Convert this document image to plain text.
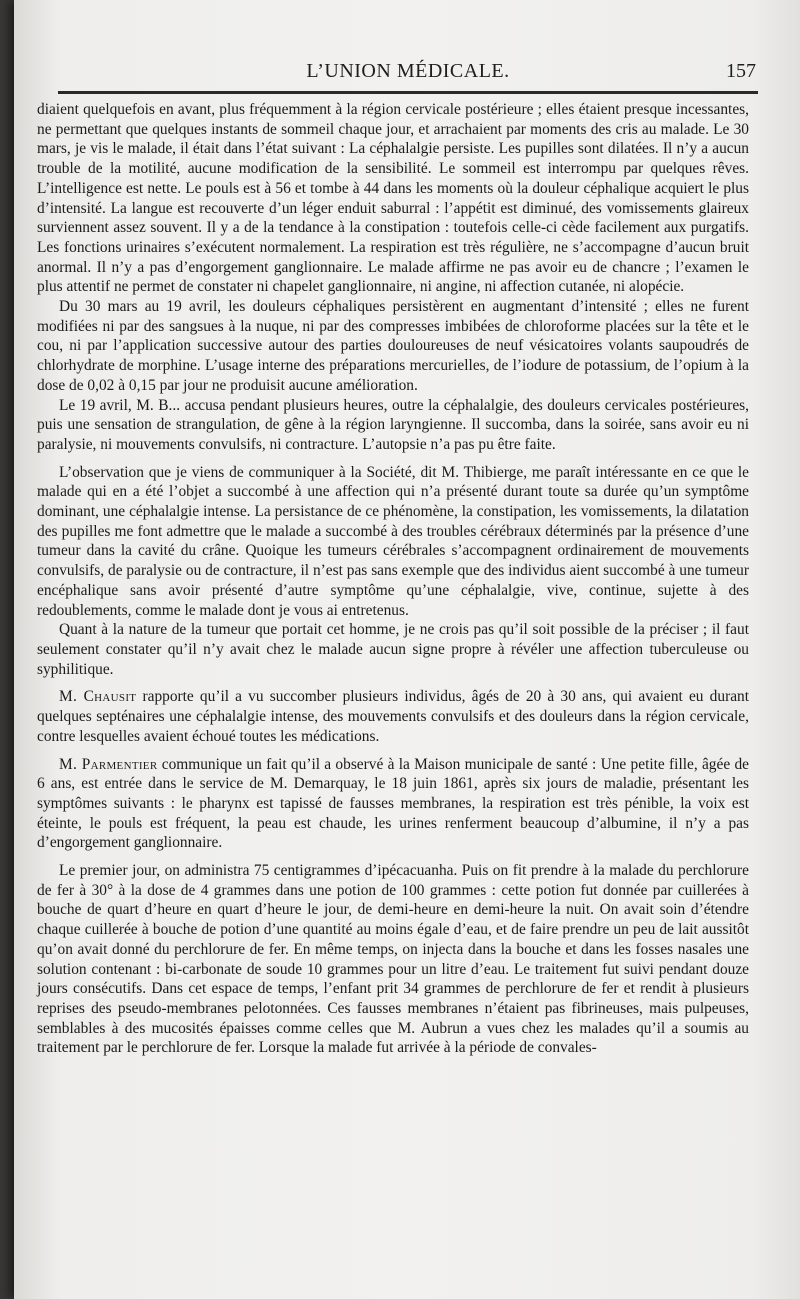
L’UNION MÉDICALE.	157

diaient quelquefois en avant, plus fréquemment à la région cervicale postérieure ; elles étaient presque incessantes, ne permettant que quelques instants de sommeil chaque jour, et arrachaient par moments des cris au malade. Le 30 mars, je vis le malade, il était dans l’état suivant : La céphalalgie persiste. Les pupilles sont dilatées. Il n’y a aucun trouble de la motilité, aucune modification de la sensibilité. Le sommeil est interrompu par quelques rêves. L’intelligence est nette. Le pouls est à 56 et tombe à 44 dans les moments où la douleur céphalique acquiert le plus d’intensité. La langue est recouverte d’un léger enduit saburral : l’appétit est diminué, des vomissements glaireux surviennent assez souvent. Il y a de la tendance à la constipation : toutefois celle-ci cède facilement aux purgatifs. Les fonctions urinaires s’exécutent normalement. La respiration est très régulière, ne s’accompagne d’aucun bruit anormal. Il n’y a pas d’engorgement ganglionnaire. Le malade affirme ne pas avoir eu de chancre ; l’examen le plus attentif ne permet de constater ni chapelet ganglionnaire, ni angine, ni affection cutanée, ni alopécie.

Du 30 mars au 19 avril, les douleurs céphaliques persistèrent en augmentant d’intensité ; elles ne furent modifiées ni par des sangsues à la nuque, ni par des compresses imbibées de chloroforme placées sur la tête et le cou, ni par l’application successive autour des parties douloureuses de neuf vésicatoires volants saupoudrés de chlorhydrate de morphine. L’usage interne des préparations mercurielles, de l’iodure de potassium, de l’opium à la dose de 0,02 à 0,15 par jour ne produisit aucune amélioration.

Le 19 avril, M. B... accusa pendant plusieurs heures, outre la céphalalgie, des douleurs cervicales postérieures, puis une sensation de strangulation, de gêne à la région laryngienne. Il succomba, dans la soirée, sans avoir eu ni paralysie, ni mouvements convulsifs, ni contracture. L’autopsie n’a pas pu être faite.

L’observation que je viens de communiquer à la Société, dit M. Thibierge, me paraît intéressante en ce que le malade qui en a été l’objet a succombé à une affection qui n’a présenté durant toute sa durée qu’un symptôme dominant, une céphalalgie intense. La persistance de ce phénomène, la constipation, les vomissements, la dilatation des pupilles me font admettre que le malade a succombé à des troubles cérébraux déterminés par la présence d’une tumeur dans la cavité du crâne. Quoique les tumeurs cérébrales s’accompagnent ordinairement de mouvements convulsifs, de paralysie ou de contracture, il n’est pas sans exemple que des individus aient succombé à une tumeur encéphalique sans avoir présenté d’autre symptôme qu’une céphalalgie, vive, continue, sujette à des redoublements, comme le malade dont je vous ai entretenus.

Quant à la nature de la tumeur que portait cet homme, je ne crois pas qu’il soit possible de la préciser ; il faut seulement constater qu’il n’y avait chez le malade aucun signe propre à révéler une affection tuberculeuse ou syphilitique.

M. Chausit rapporte qu’il a vu succomber plusieurs individus, âgés de 20 à 30 ans, qui avaient eu durant quelques septénaires une céphalalgie intense, des mouvements convulsifs et des douleurs dans la région cervicale, contre lesquelles avaient échoué toutes les médications.

M. Parmentier communique un fait qu’il a observé à la Maison municipale de santé : Une petite fille, âgée de 6 ans, est entrée dans le service de M. Demarquay, le 18 juin 1861, après six jours de maladie, présentant les symptômes suivants : le pharynx est tapissé de fausses membranes, la respiration est très pénible, la voix est éteinte, le pouls est fréquent, la peau est chaude, les urines renferment beaucoup d’albumine, il n’y a pas d’engorgement ganglionnaire.

Le premier jour, on administra 75 centigrammes d’ipécacuanha. Puis on fit prendre à la malade du perchlorure de fer à 30° à la dose de 4 grammes dans une potion de 100 grammes : cette potion fut donnée par cuillerées à bouche de quart d’heure en quart d’heure le jour, de demi-heure en demi-heure la nuit. On avait soin d’étendre chaque cuillerée à bouche de potion d’une quantité au moins égale d’eau, et de faire prendre un peu de lait aussitôt qu’on avait donné du perchlorure de fer. En même temps, on injecta dans la bouche et dans les fosses nasales une solution contenant : bi-carbonate de soude 10 grammes pour un litre d’eau. Le traitement fut suivi pendant douze jours consécutifs. Dans cet espace de temps, l’enfant prit 34 grammes de perchlorure de fer et rendit à plusieurs reprises des pseudo-membranes pelotonnées. Ces fausses membranes n’étaient pas fibrineuses, mais pulpeuses, semblables à des mucosités épaisses comme celles que M. Aubrun a vues chez les malades qu’il a soumis au traitement par le perchlorure de fer. Lorsque la malade fut arrivée à la période de convales-
